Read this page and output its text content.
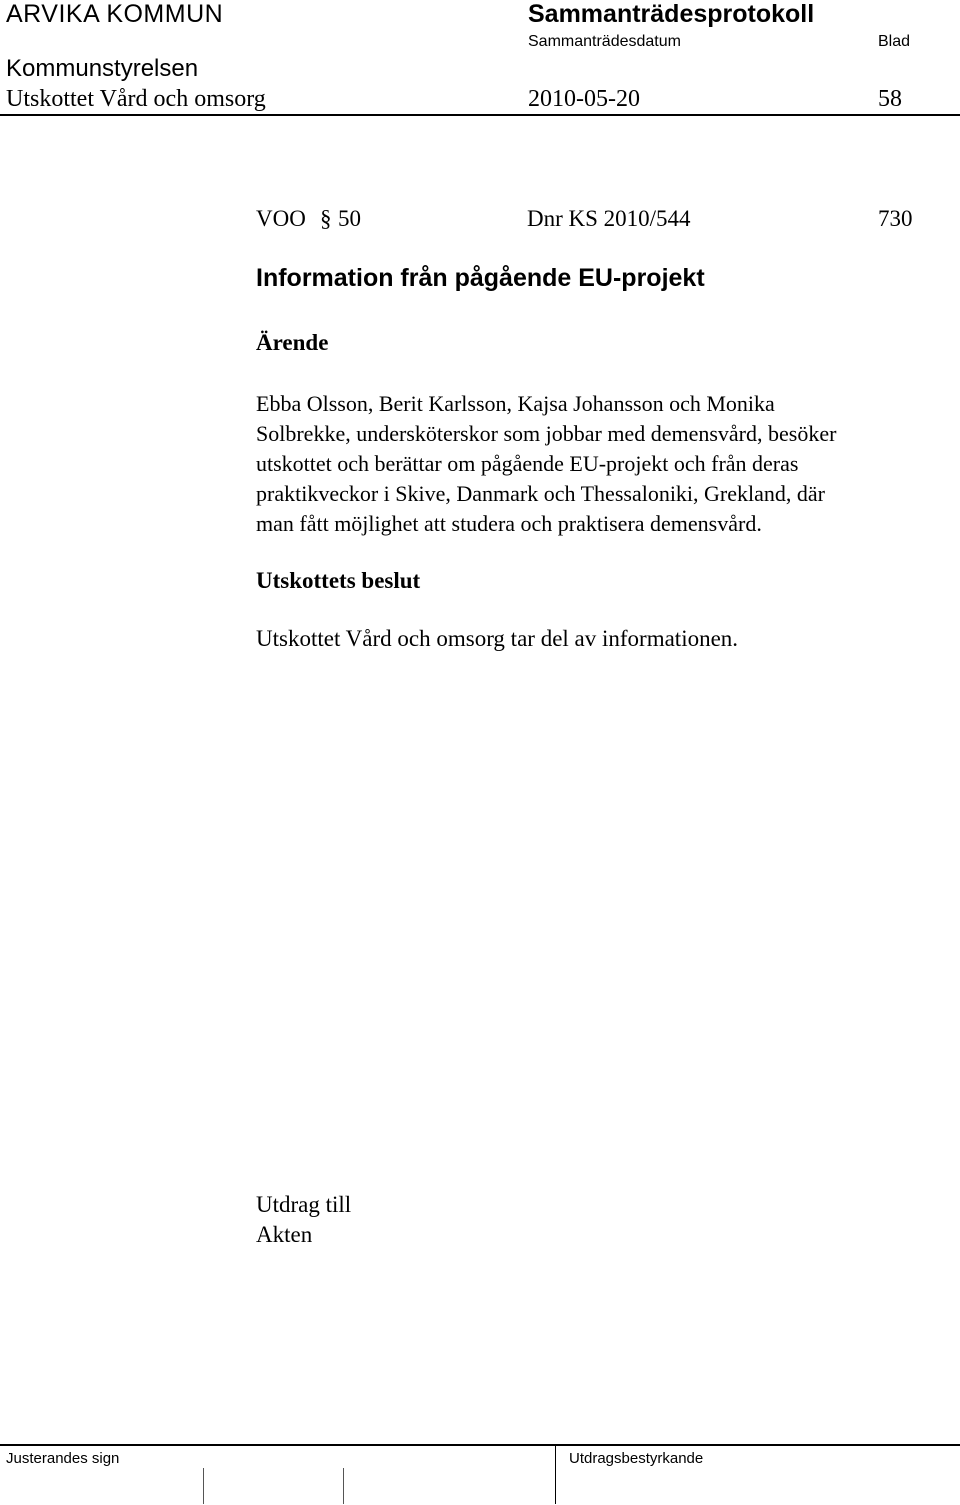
ARVIKA KOMMUN	Sammanträdesprotokoll
Sammanträdesdatum	Blad
Kommunstyrelsen
Utskottet Vård och omsorg	2010-05-20	58
VOO § 50	Dnr KS 2010/544	730
Information från pågående EU-projekt
Ärende
Ebba Olsson, Berit Karlsson, Kajsa Johansson och Monika
Solbrekke, undersköterskor som jobbar med demensvård, besöker
utskottet och berättar om pågående EU-projekt och från deras
praktikveckor i Skive, Danmark och Thessaloniki, Grekland, där
man fått möjlighet att studera och praktisera demensvård.
Utskottets beslut
Utskottet Vård och omsorg tar del av informationen.
Utdrag till
Akten
Justerandes sign	Utdragsbestyrkande
